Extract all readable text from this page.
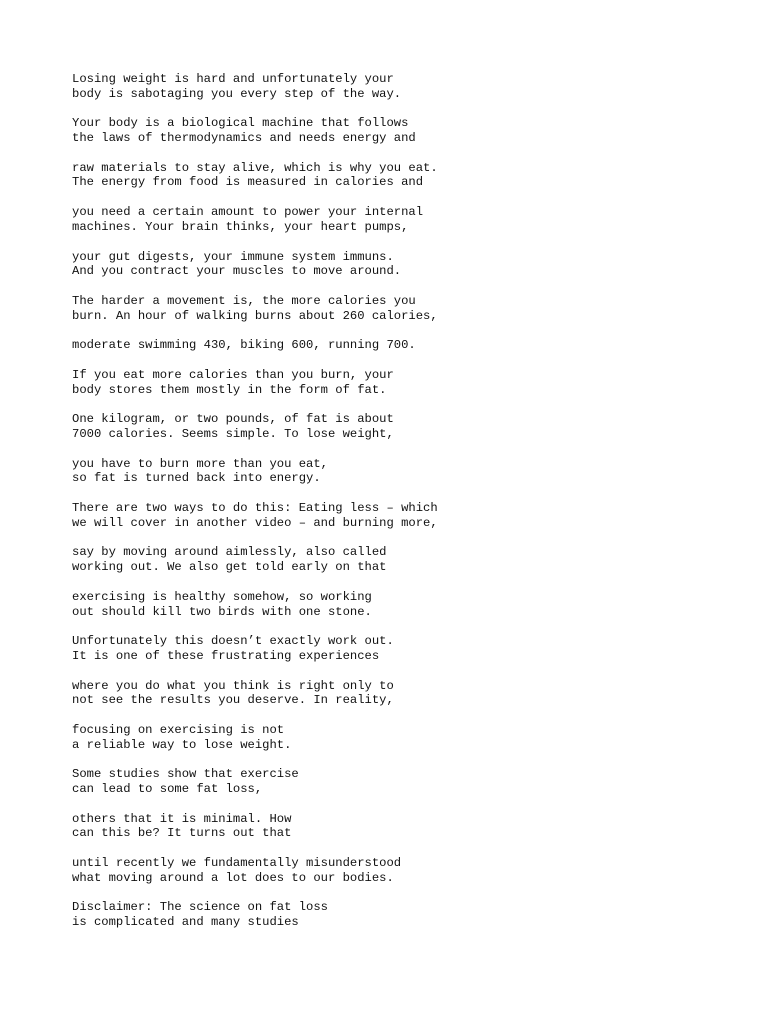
Losing weight is hard and unfortunately your
body is sabotaging you every step of the way.
Your body is a biological machine that follows
the laws of thermodynamics and needs energy and
raw materials to stay alive, which is why you eat.
The energy from food is measured in calories and
you need a certain amount to power your internal
machines. Your brain thinks, your heart pumps,
your gut digests, your immune system immuns.
And you contract your muscles to move around.
The harder a movement is, the more calories you
burn. An hour of walking burns about 260 calories,
moderate swimming 430, biking 600, running 700.
If you eat more calories than you burn, your
body stores them mostly in the form of fat.
One kilogram, or two pounds, of fat is about
7000 calories. Seems simple. To lose weight,
you have to burn more than you eat,
so fat is turned back into energy.
There are two ways to do this: Eating less – which
we will cover in another video – and burning more,
say by moving around aimlessly, also called
working out. We also get told early on that
exercising is healthy somehow, so working
out should kill two birds with one stone.
Unfortunately this doesn’t exactly work out.
It is one of these frustrating experiences
where you do what you think is right only to
not see the results you deserve. In reality,
focusing on exercising is not
a reliable way to lose weight.
Some studies show that exercise
can lead to some fat loss,
others that it is minimal. How
can this be? It turns out that
until recently we fundamentally misunderstood
what moving around a lot does to our bodies.
Disclaimer: The science on fat loss
is complicated and many studies
